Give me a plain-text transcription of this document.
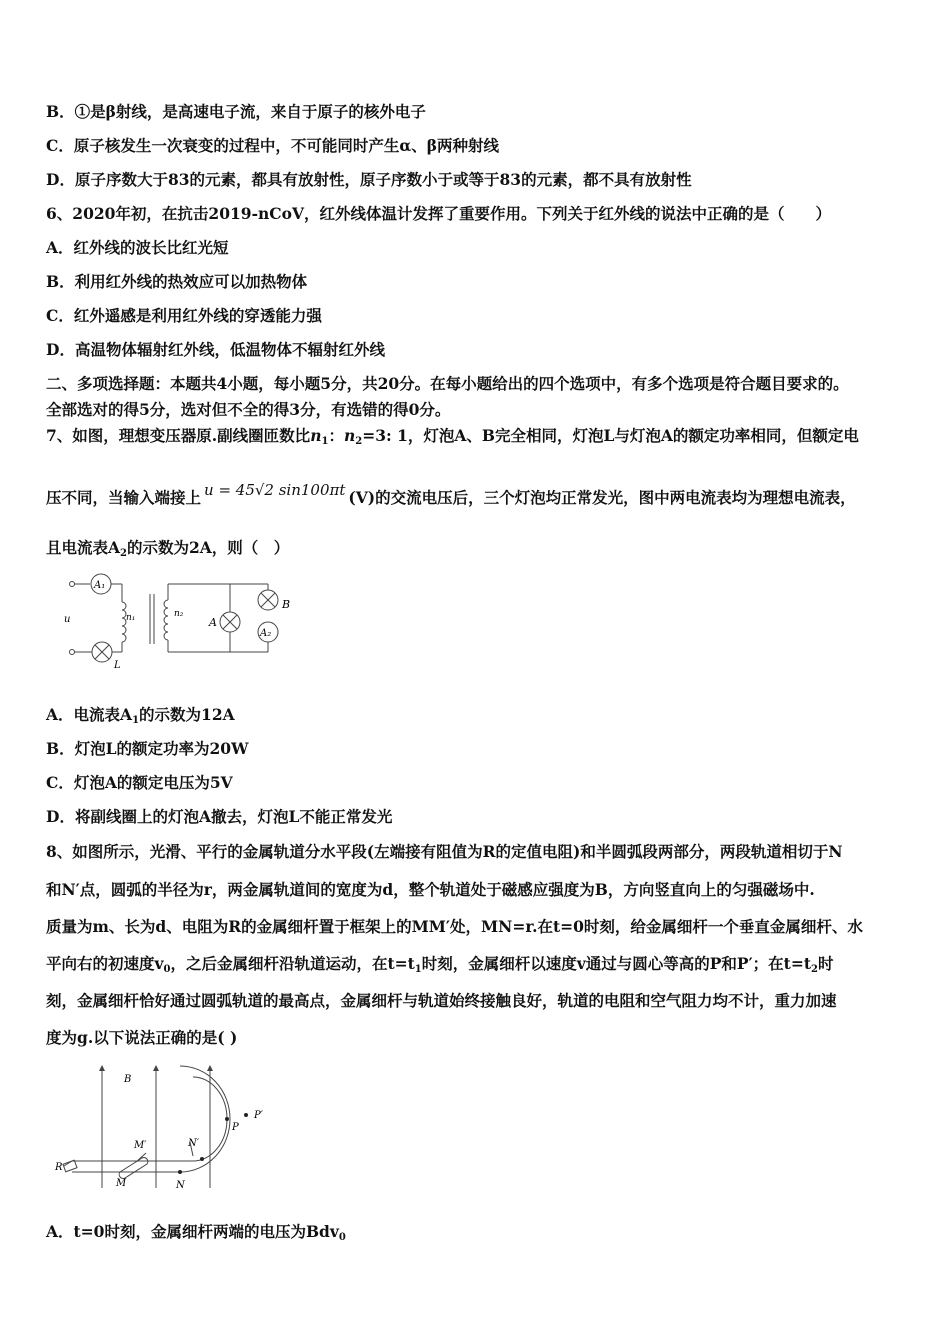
B．①是β射线，是高速电子流，来自于原子的核外电子
C．原子核发生一次衰变的过程中，不可能同时产生α、β两种射线
D．原子序数大于83的元素，都具有放射性，原子序数小于或等于83的元素，都不具有放射性
6、2020年初，在抗击2019-nCoV，红外线体温计发挥了重要作用。下列关于红外线的说法中正确的是（　　）
A．红外线的波长比红光短
B．利用红外线的热效应可以加热物体
C．红外遥感是利用红外线的穿透能力强
D．高温物体辐射红外线，低温物体不辐射红外线
二、多项选择题：本题共4小题，每小题5分，共20分。在每小题给出的四个选项中，有多个选项是符合题目要求的。
全部选对的得5分，选对但不全的得3分，有选错的得0分。
7、如图，理想变压器原.副线圈匝数比$n_1$：$n_2=3$: 1，灯泡A、B完全相同，灯泡L与灯泡A的额定功率相同，但额定电
压不同，当输入端接上 u = 45√2 sin100πt (V)的交流电压后，三个灯泡均正常发光，图中两电流表均为理想电流表，
且电流表$A_2$的示数为2A，则（　）
A₁
A₂
u	n₁	n₂
A
B
L
A．电流表$A_1$的示数为12A
B．灯泡L的额定功率为20W
C．灯泡A的额定电压为5V
D．将副线圈上的灯泡A撤去，灯泡L不能正常发光
8、如图所示，光滑、平行的金属轨道分水平段(左端接有阻值为R的定值电阻)和半圆弧段两部分，两段轨道相切于N
和N′点，圆弧的半径为r，两金属轨道间的宽度为d，整个轨道处于磁感应强度为B，方向竖直向上的匀强磁场中.
质量为m、长为d、电阻为R的金属细杆置于框架上的MM′处，MN=r.在t=0时刻，给金属细杆一个垂直金属细杆、水
平向右的初速度$v_0$，之后金属细杆沿轨道运动，在$t=t_1$时刻，金属细杆以速度v通过与圆心等高的P和P′；在$t=t_2$时
刻，金属细杆恰好通过圆弧轨道的最高点，金属细杆与轨道始终接触良好，轨道的电阻和空气阻力均不计，重力加速
度为g.以下说法正确的是( )
B
R
M
M′
N
N′
P
P′
A．t=0时刻，金属细杆两端的电压为Bdv$_0$
